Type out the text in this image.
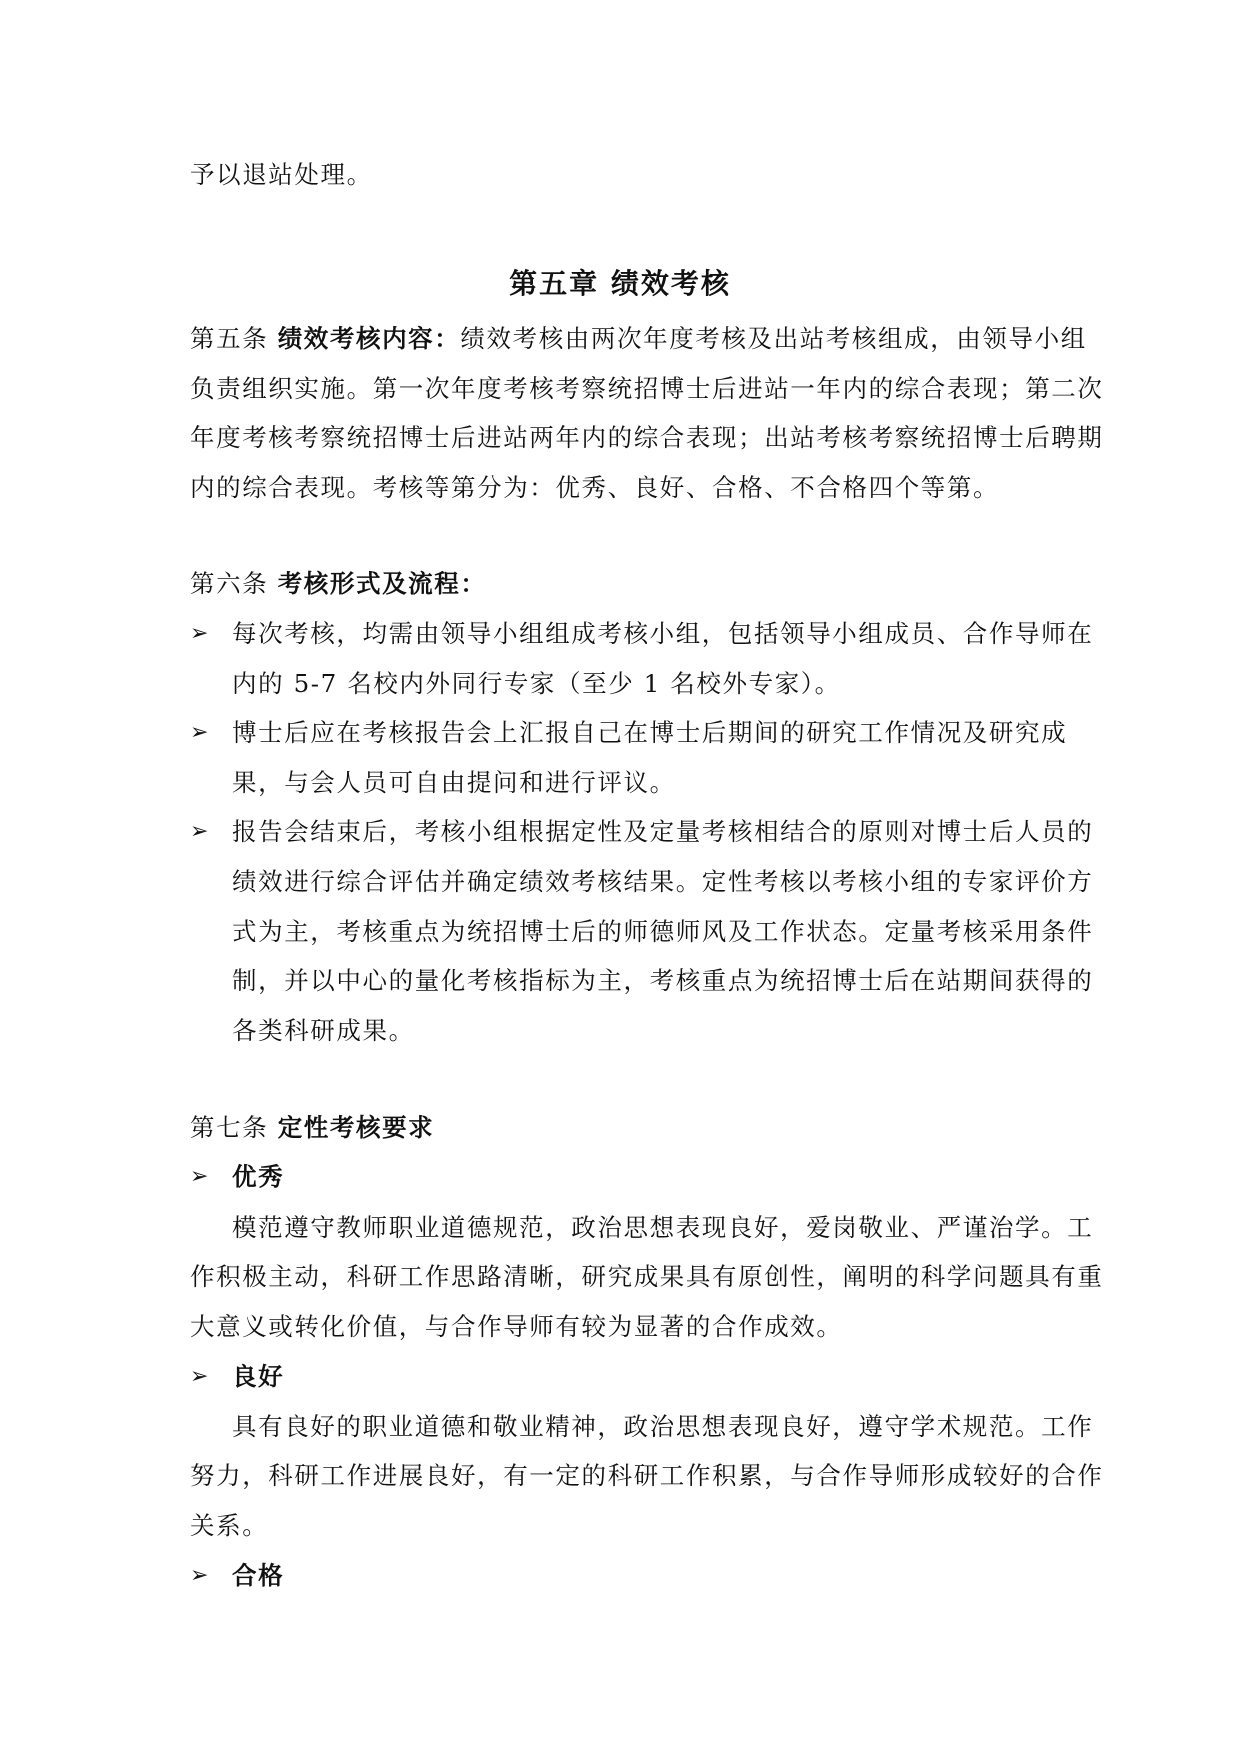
予以退站处理。
第五章 绩效考核
第五条 绩效考核内容：绩效考核由两次年度考核及出站考核组成，由领导小组
负责组织实施。第一次年度考核考察统招博士后进站一年内的综合表现；第二次
年度考核考察统招博士后进站两年内的综合表现；出站考核考察统招博士后聘期
内的综合表现。考核等第分为：优秀、良好、合格、不合格四个等第。
第六条 考核形式及流程：
➢ 每次考核，均需由领导小组组成考核小组，包括领导小组成员、合作导师在
内的 5-7 名校内外同行专家（至少 1 名校外专家）。
➢ 博士后应在考核报告会上汇报自己在博士后期间的研究工作情况及研究成
果，与会人员可自由提问和进行评议。
➢ 报告会结束后，考核小组根据定性及定量考核相结合的原则对博士后人员的
绩效进行综合评估并确定绩效考核结果。定性考核以考核小组的专家评价方
式为主，考核重点为统招博士后的师德师风及工作状态。定量考核采用条件
制，并以中心的量化考核指标为主，考核重点为统招博士后在站期间获得的
各类科研成果。
第七条 定性考核要求
➢ 优秀
模范遵守教师职业道德规范，政治思想表现良好，爱岗敬业、严谨治学。工
作积极主动，科研工作思路清晰，研究成果具有原创性，阐明的科学问题具有重
大意义或转化价值，与合作导师有较为显著的合作成效。
➢ 良好
具有良好的职业道德和敬业精神，政治思想表现良好，遵守学术规范。工作
努力，科研工作进展良好，有一定的科研工作积累，与合作导师形成较好的合作
关系。
➢ 合格
